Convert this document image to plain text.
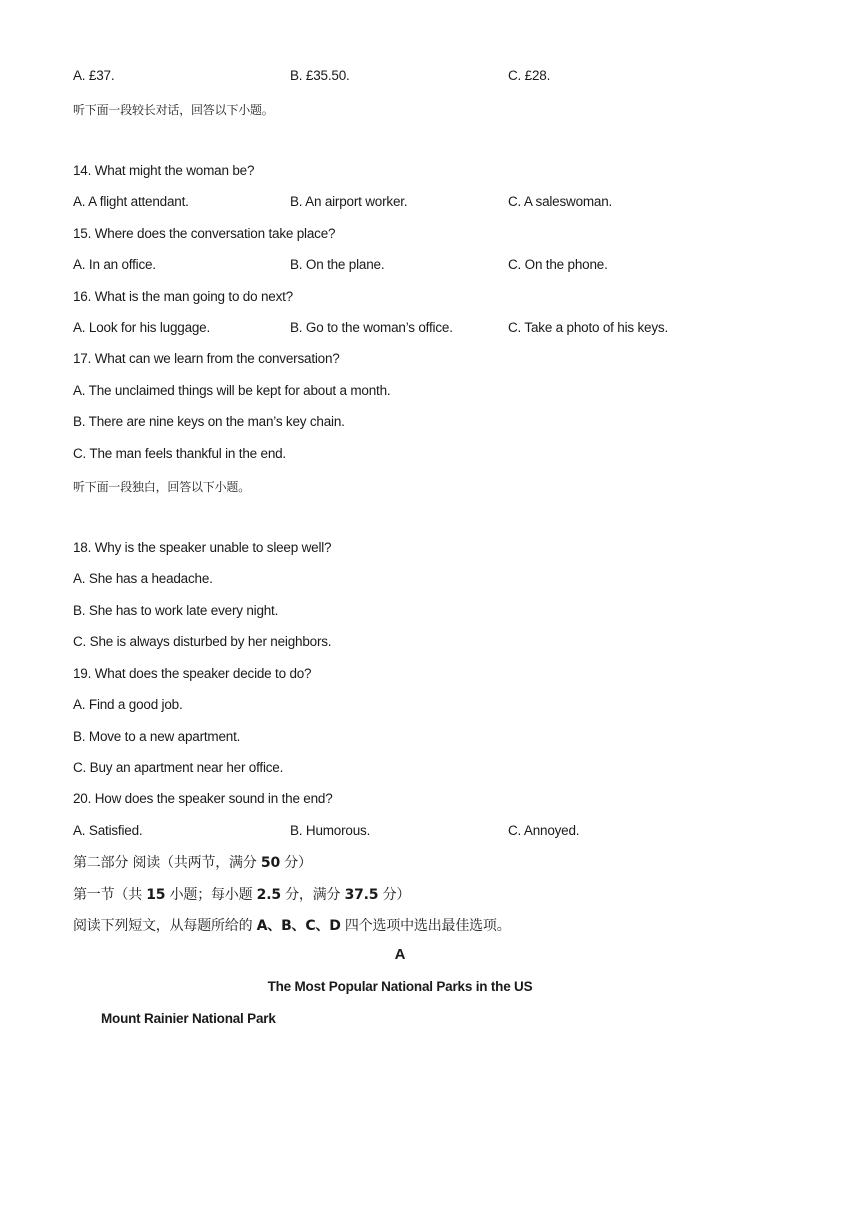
A. £37.	B. £35.50.	C. £28.
听下面一段较长对话，回答以下小题。
14. What might the woman be?
A. A flight attendant.	B. An airport worker.	C. A saleswoman.
15. Where does the conversation take place?
A. In an office.	B. On the plane.	C. On the phone.
16. What is the man going to do next?
A. Look for his luggage.	B. Go to the woman’s office.	C. Take a photo of his keys.
17. What can we learn from the conversation?
A. The unclaimed things will be kept for about a month.
B. There are nine keys on the man’s key chain.
C. The man feels thankful in the end.
听下面一段独白，回答以下小题。
18. Why is the speaker unable to sleep well?
A. She has a headache.
B. She has to work late every night.
C. She is always disturbed by her neighbors.
19. What does the speaker decide to do?
A. Find a good job.
B. Move to a new apartment.
C. Buy an apartment near her office.
20. How does the speaker sound in the end?
A. Satisfied.	B. Humorous.	C. Annoyed.
第二部分 阅读（共两节，满分 50 分）
第一节（共 15 小题；每小题 2.5 分，满分 37.5 分）
阅读下列短文，从每题所给的 A、B、C、D 四个选项中选出最佳选项。
A
The Most Popular National Parks in the US
Mount Rainier National Park
